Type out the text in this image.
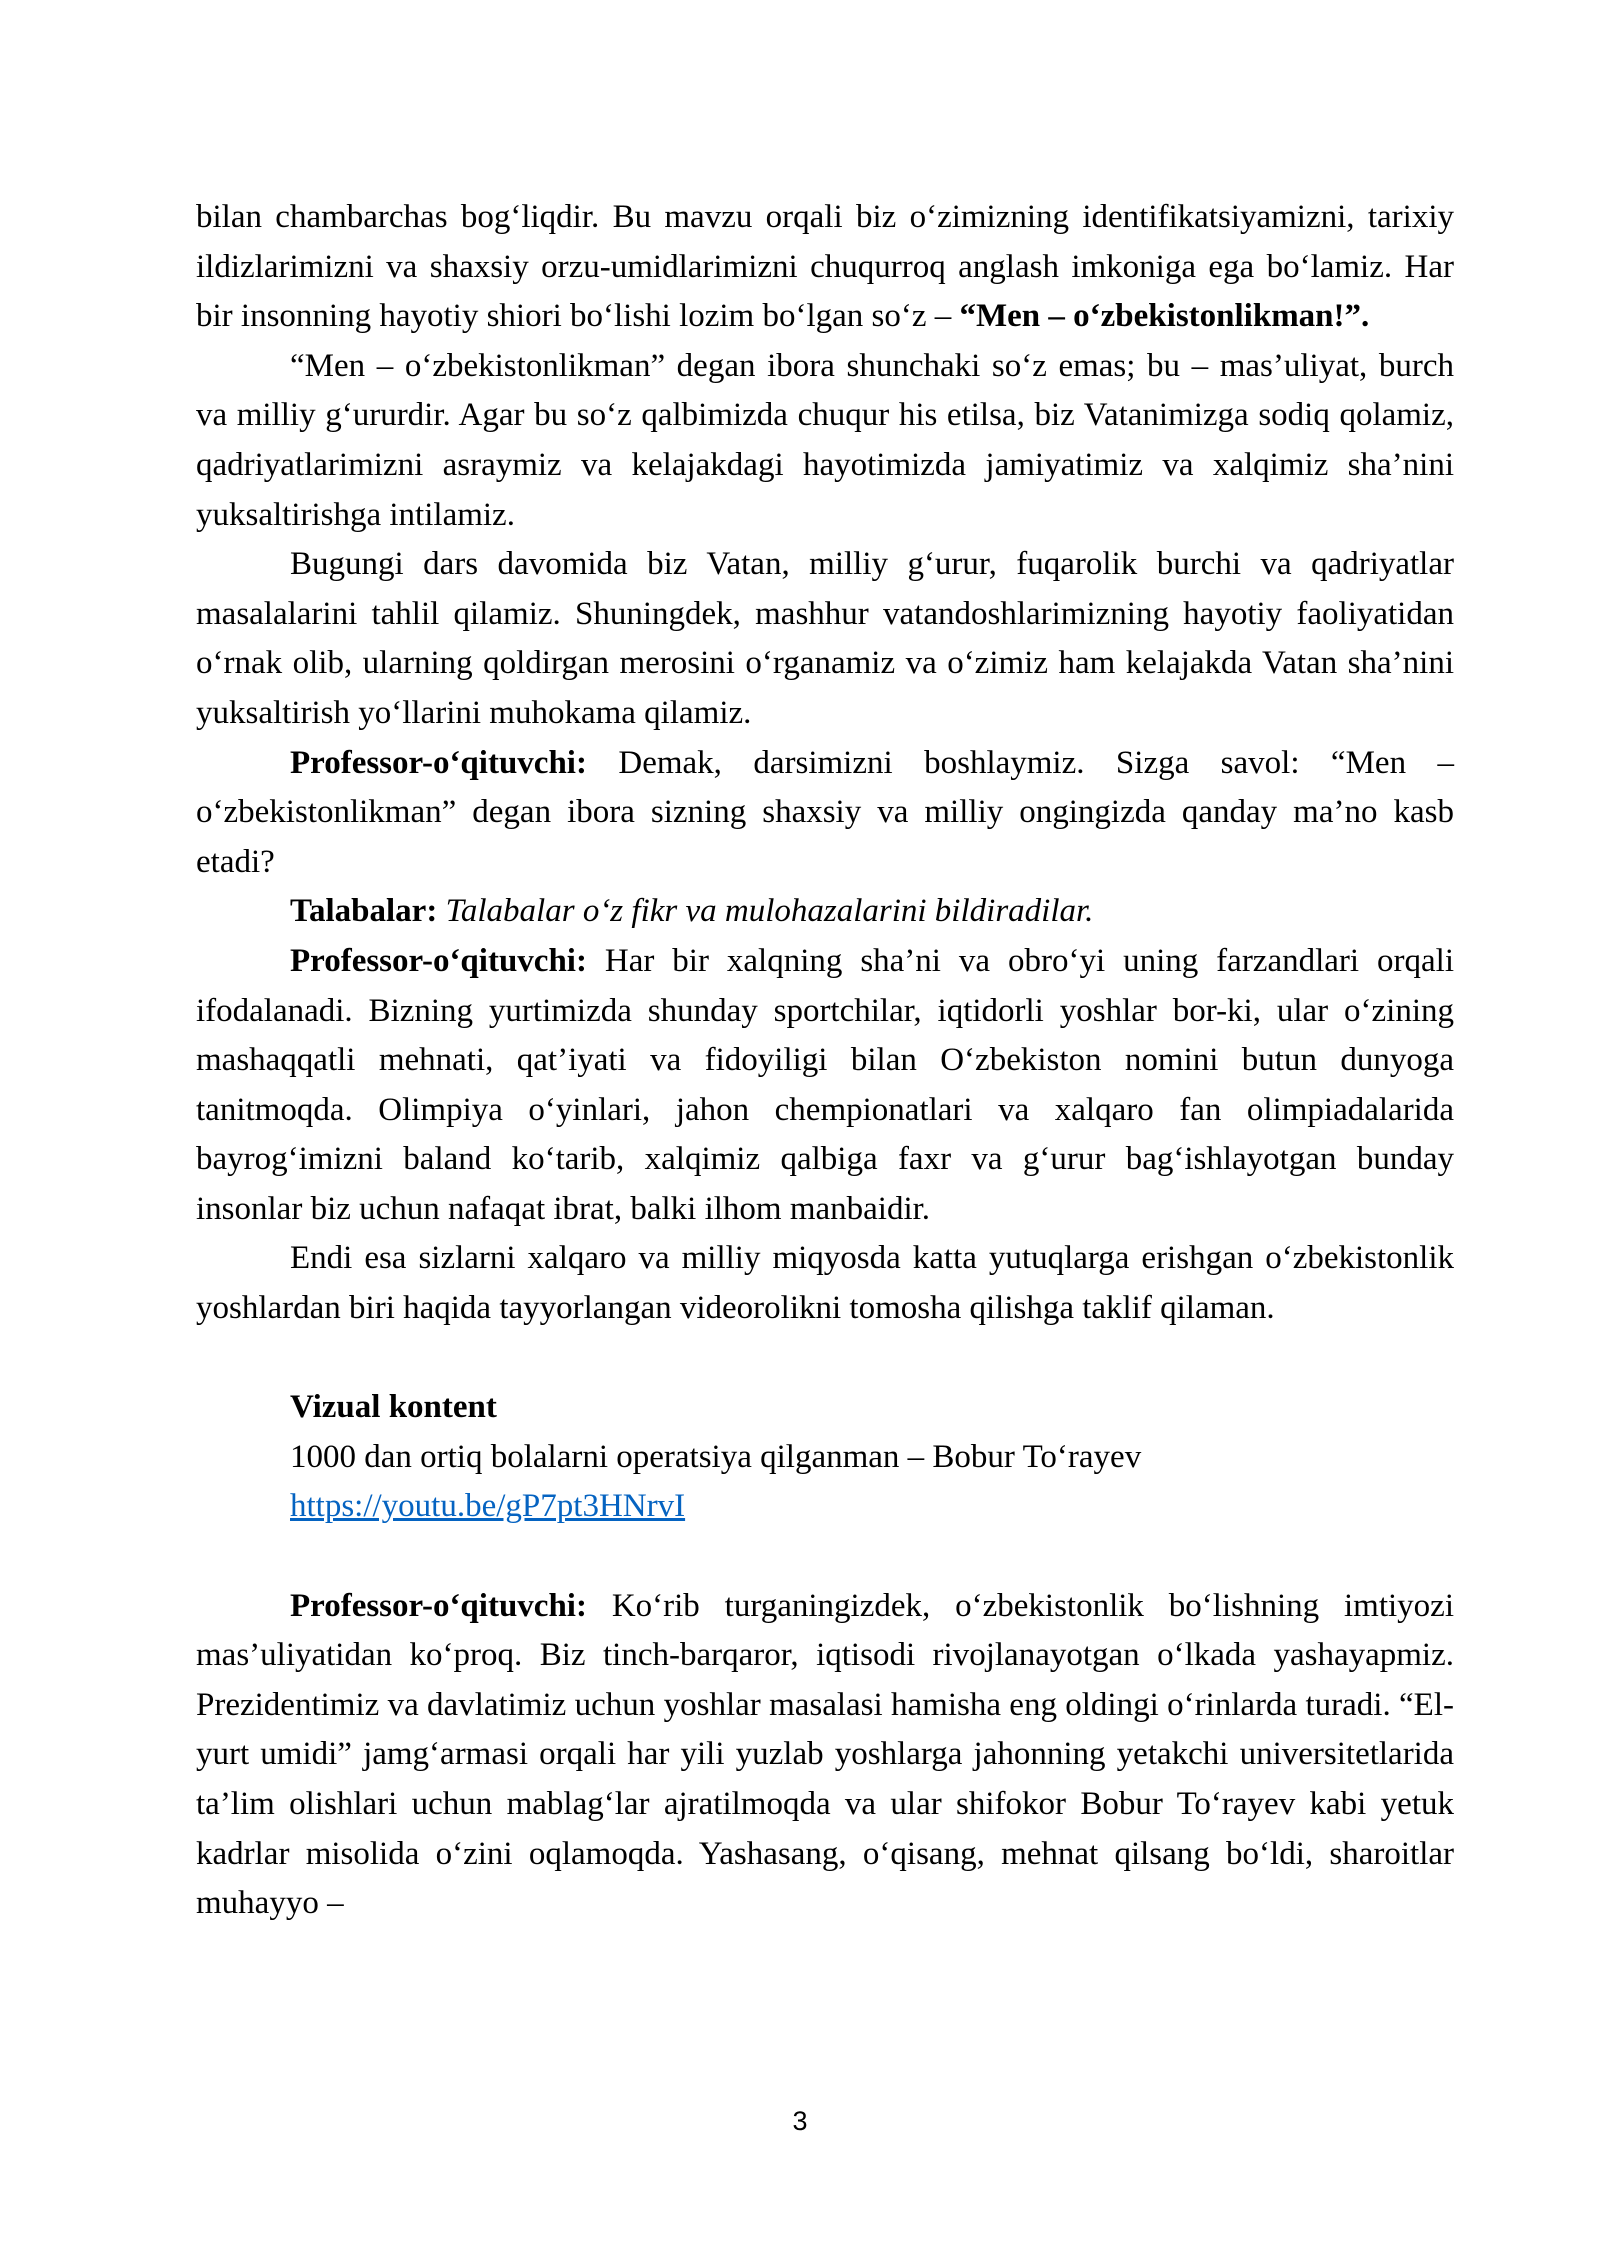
bilan chambarchas bog‘liqdir. Bu mavzu orqali biz o‘zimizning identifikatsiyamizni, tarixiy ildizlarimizni va shaxsiy orzu-umidlarimizni chuqurroq anglash imkoniga ega bo‘lamiz. Har bir insonning hayotiy shiori bo‘lishi lozim bo‘lgan so‘z – “Men – o‘zbekistonlikman!”.

“Men – o‘zbekistonlikman” degan ibora shunchaki so‘z emas; bu – mas’uliyat, burch va milliy g‘ururdir. Agar bu so‘z qalbimizda chuqur his etilsa, biz Vatanimizga sodiq qolamiz, qadriyatlarimizni asraymiz va kelajakdagi hayotimizda jamiyatimiz va xalqimiz sha’nini yuksaltirishga intilamiz.

Bugungi dars davomida biz Vatan, milliy g‘urur, fuqarolik burchi va qadriyatlar masalalarini tahlil qilamiz. Shuningdek, mashhur vatandoshlarimizning hayotiy faoliyatidan o‘rnak olib, ularning qoldirgan merosini o‘rganamiz va o‘zimiz ham kelajakda Vatan sha’nini yuksaltirish yo‘llarini muhokama qilamiz.

Professor-o‘qituvchi: Demak, darsimizni boshlaymiz. Sizga savol: “Men – o‘zbekistonlikman” degan ibora sizning shaxsiy va milliy ongingizda qanday ma’no kasb etadi?

Talabalar: Talabalar o‘z fikr va mulohazalarini bildiradilar.

Professor-o‘qituvchi: Har bir xalqning sha’ni va obro‘yi uning farzandlari orqali ifodalanadi. Bizning yurtimizda shunday sportchilar, iqtidorli yoshlar bor-ki, ular o‘zining mashaqqatli mehnati, qat’iyati va fidoyiligi bilan O‘zbekiston nomini butun dunyoga tanitmoqda. Olimpiya o‘yinlari, jahon chempionatlari va xalqaro fan olimpiadalarida bayrog‘imizni baland ko‘tarib, xalqimiz qalbiga faxr va g‘urur bag‘ishlayotgan bunday insonlar biz uchun nafaqat ibrat, balki ilhom manbaidir.

Endi esa sizlarni xalqaro va milliy miqyosda katta yutuqlarga erishgan o‘zbekistonlik yoshlardan biri haqida tayyorlangan videorolikni tomosha qilishga taklif qilaman.

Vizual kontent

1000 dan ortiq bolalarni operatsiya qilganman – Bobur To‘rayev

https://youtu.be/gP7pt3HNrvI

Professor-o‘qituvchi: Ko‘rib turganingizdek, o‘zbekistonlik bo‘lishning imtiyozi mas’uliyatidan ko‘proq. Biz tinch-barqaror, iqtisodi rivojlanayotgan o‘lkada yashayapmiz. Prezidentimiz va davlatimiz uchun yoshlar masalasi hamisha eng oldingi o‘rinlarda turadi. “El-yurt umidi” jamg‘armasi orqali har yili yuzlab yoshlarga jahonning yetakchi universitetlarida ta’lim olishlari uchun mablag‘lar ajratilmoqda va ular shifokor Bobur To‘rayev kabi yetuk kadrlar misolida o‘zini oqlamoqda. Yashasang, o‘qisang, mehnat qilsang bo‘ldi, sharoitlar muhayyo –

3
